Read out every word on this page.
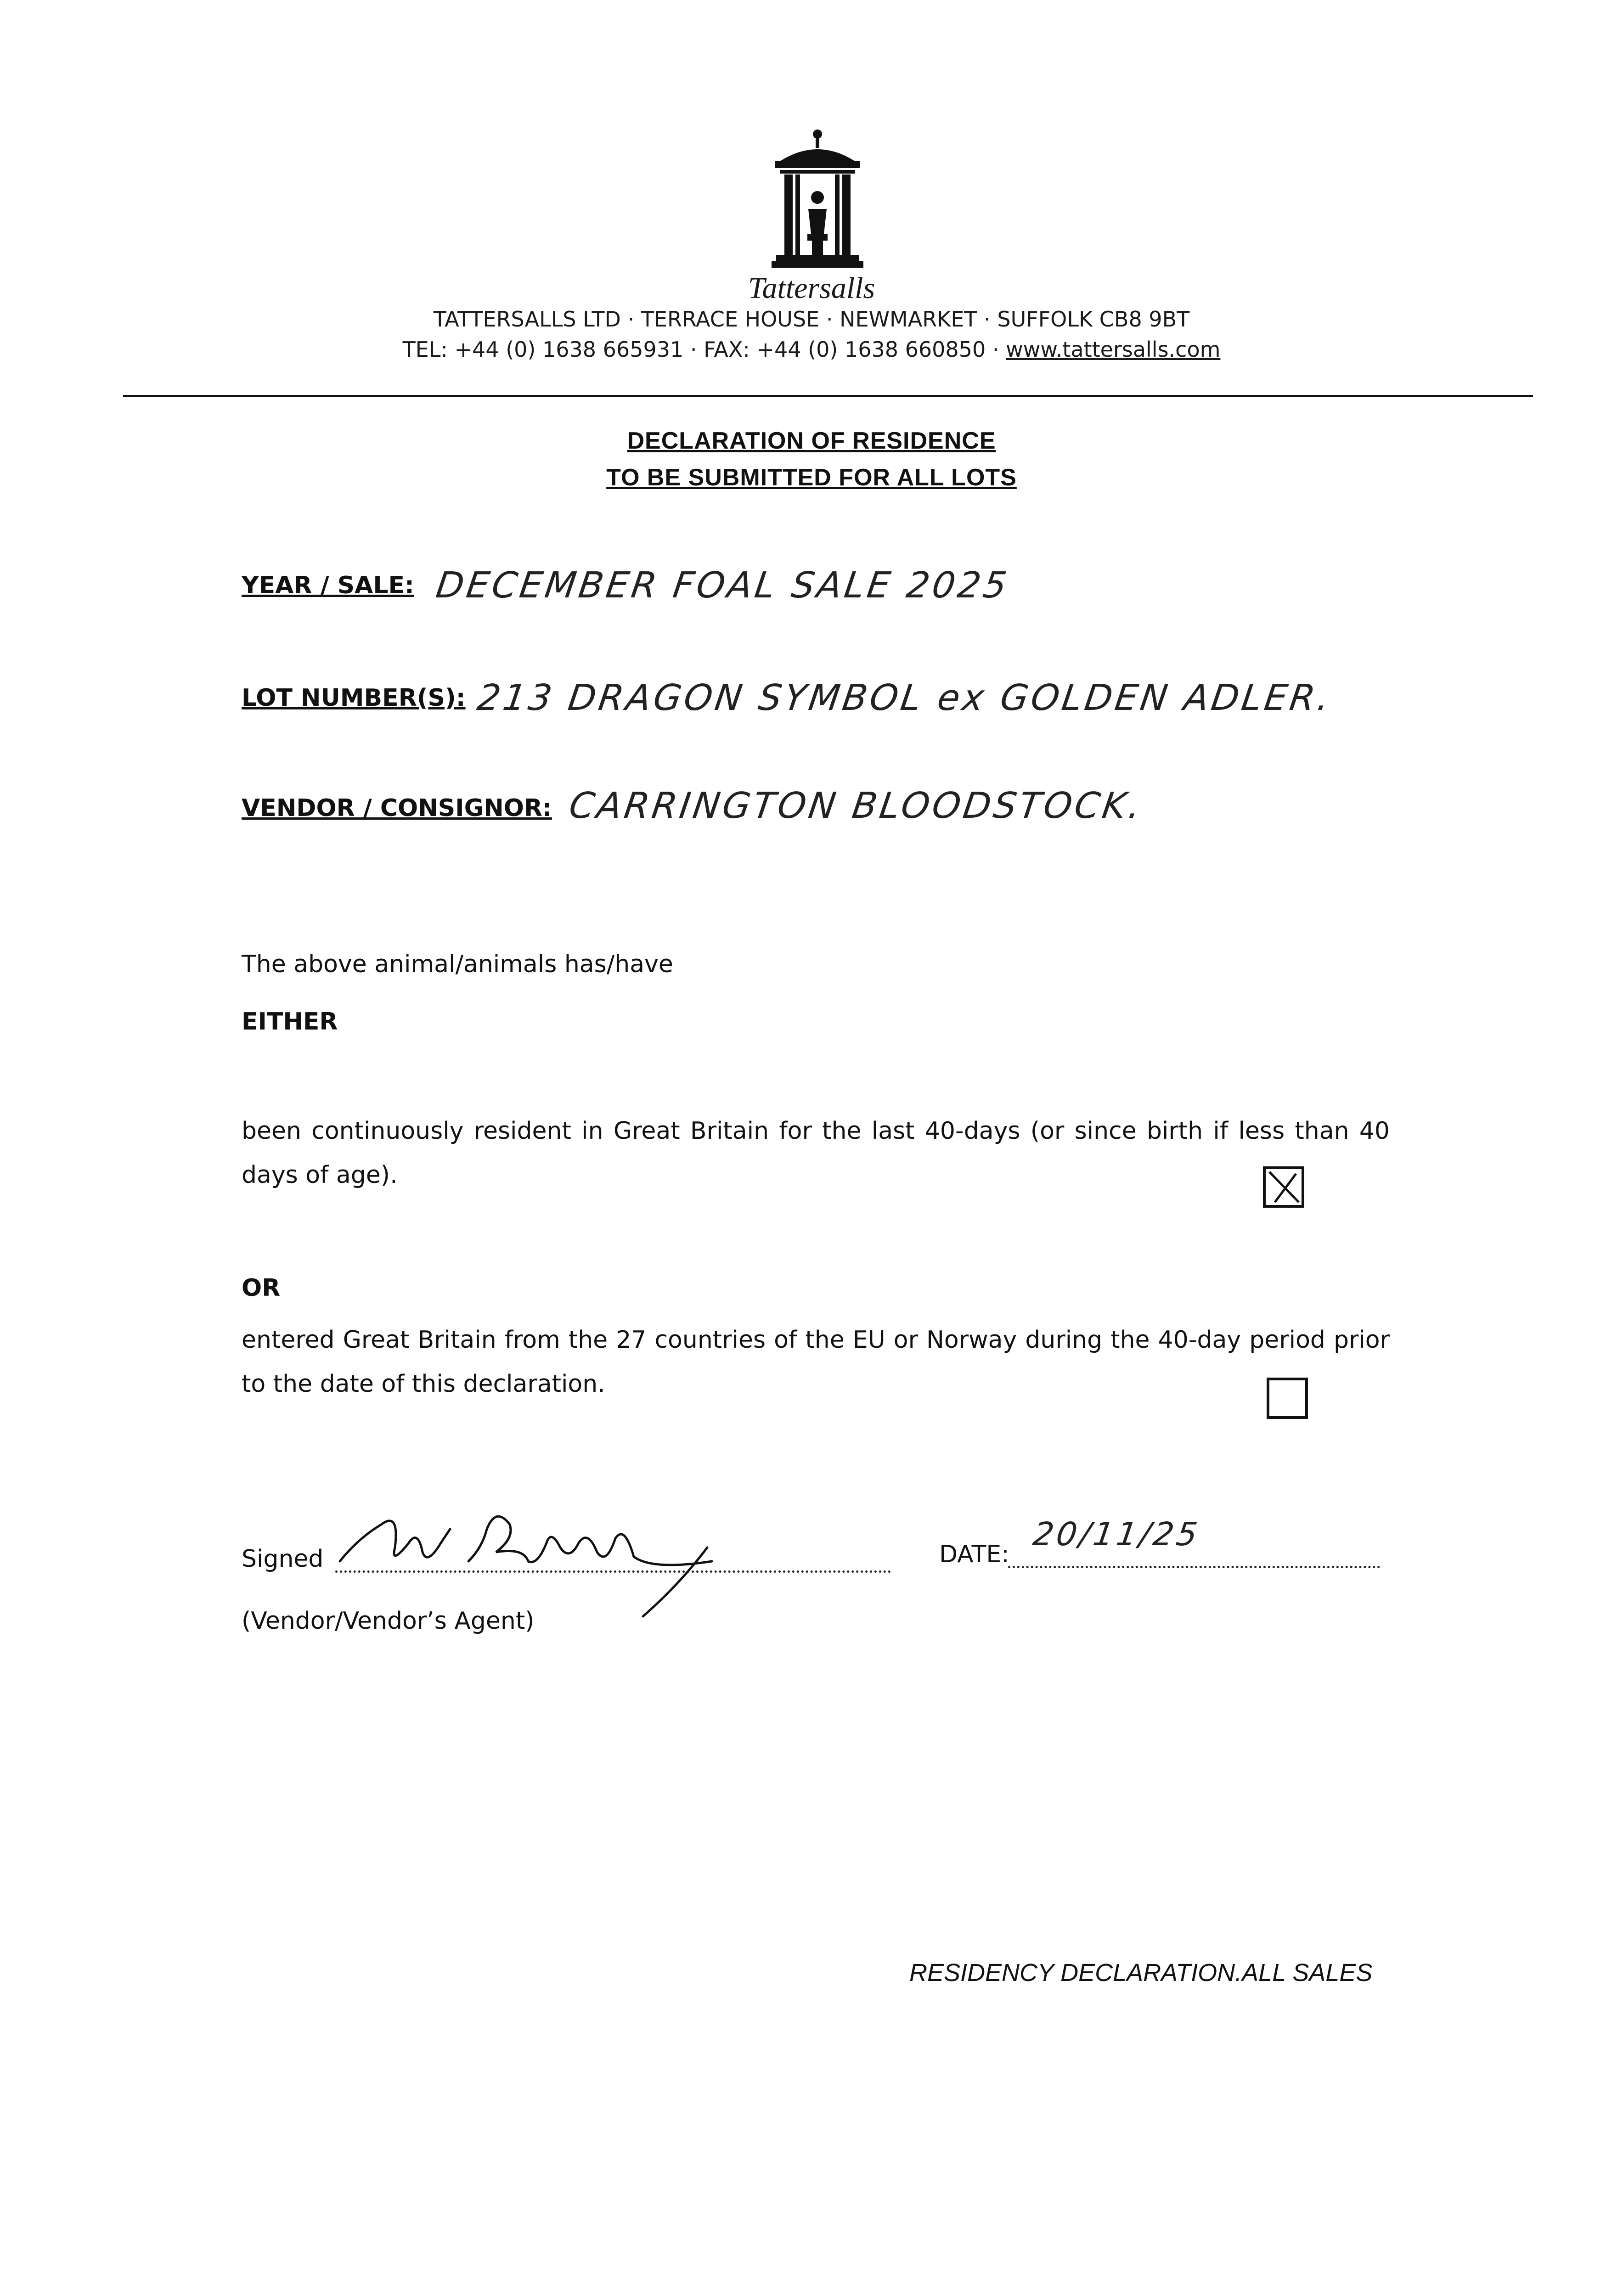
Tattersalls
TATTERSALLS LTD · TERRACE HOUSE · NEWMARKET · SUFFOLK CB8 9BT
TEL: +44 (0) 1638 665931 · FAX: +44 (0) 1638 660850 · www.tattersalls.com
DECLARATION OF RESIDENCE
TO BE SUBMITTED FOR ALL LOTS
YEAR / SALE: DECEMBER FOAL SALE 2025
LOT NUMBER(S): 213 DRAGON SYMBOL ex GOLDEN ADLER.
VENDOR / CONSIGNOR: CARRINGTON BLOODSTOCK.
The above animal/animals has/have
EITHER
been continuously resident in Great Britain for the last 40-days (or since birth if less than 40 days of age).
OR
entered Great Britain from the 27 countries of the EU or Norway during the 40-day period prior to the date of this declaration.
Signed
(Vendor/Vendor’s Agent)
DATE:
20/11/25
RESIDENCY DECLARATION.ALL SALES
